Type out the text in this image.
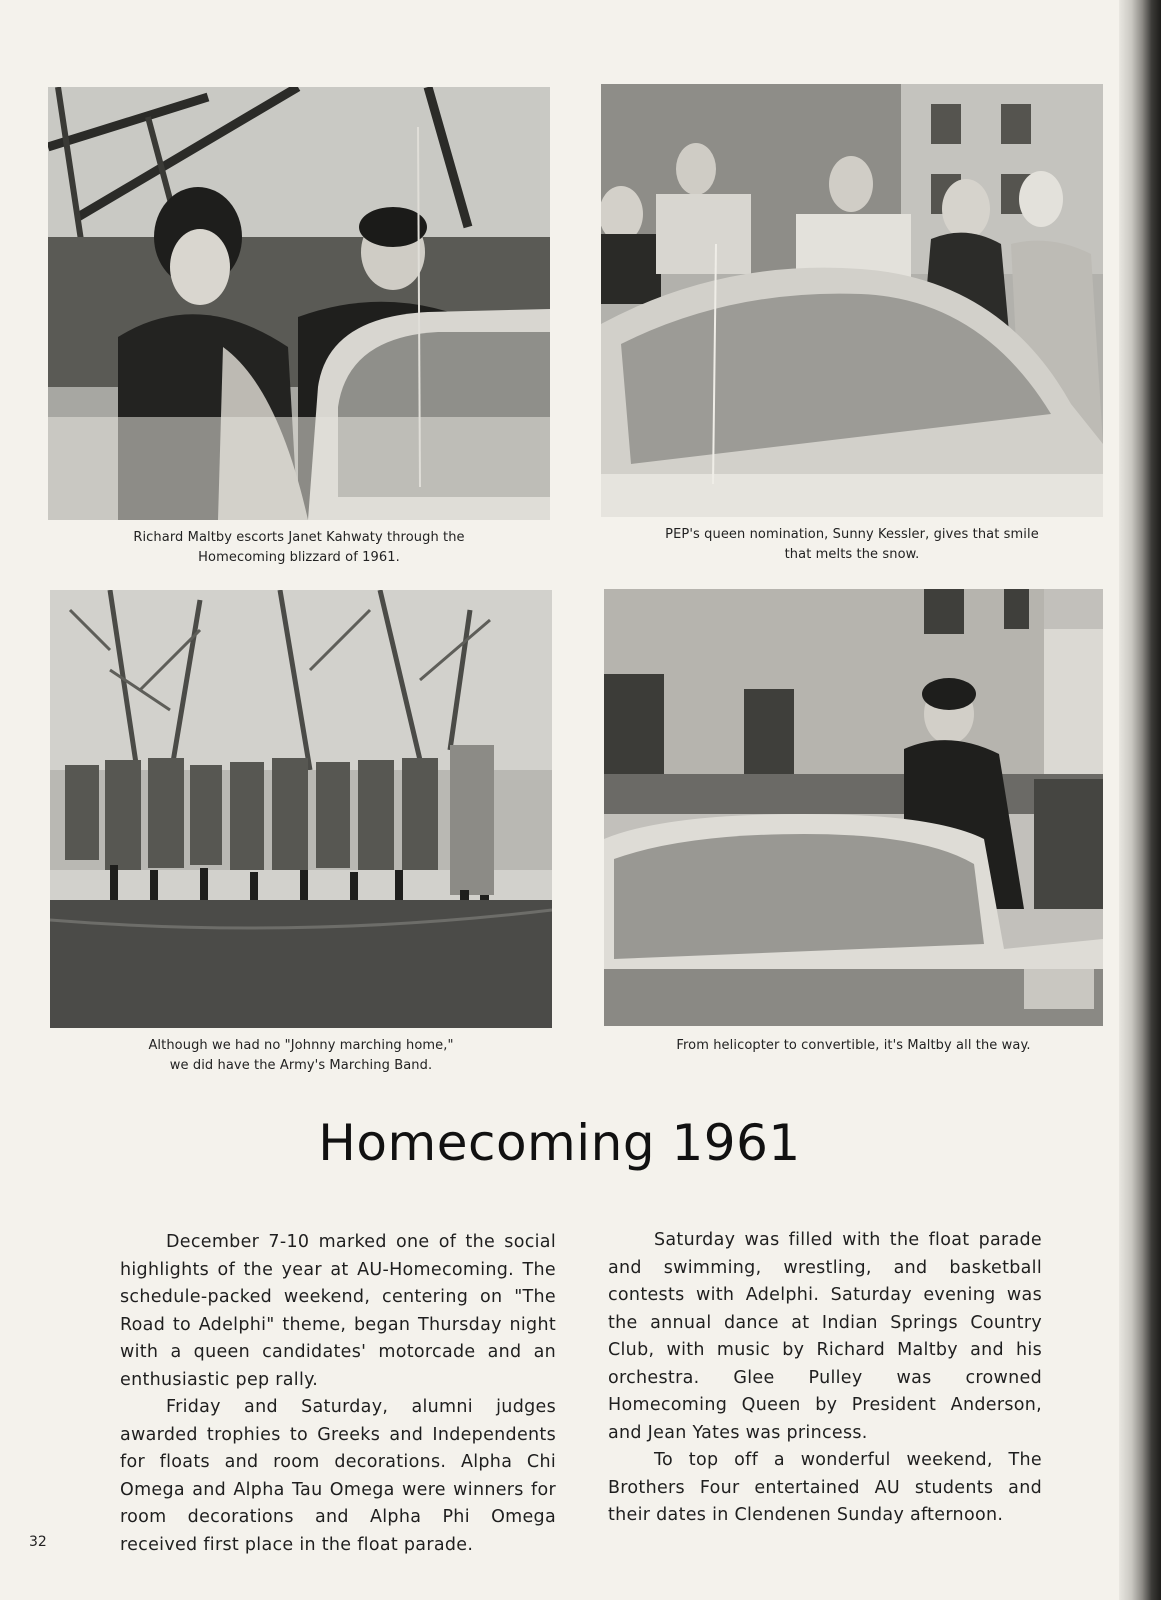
Richard Maltby escorts Janet Kahwaty through the
Homecoming blizzard of 1961.
PEP's queen nomination, Sunny Kessler, gives that smile
that melts the snow.
Although we had no "Johnny marching home,"
we did have the Army's Marching Band.
From helicopter to convertible, it's Maltby all the way.
Homecoming 1961

December 7-10 marked one of the social highlights of the year at AU-Homecoming. The schedule-packed weekend, centering on "The Road to Adelphi" theme, began Thursday night with a queen candidates' motorcade and an enthusiastic pep rally.

Friday and Saturday, alumni judges awarded trophies to Greeks and Independents for floats and room decorations. Alpha Chi Omega and Alpha Tau Omega were winners for room decorations and Alpha Phi Omega received first place in the float parade.

Saturday was filled with the float parade and swimming, wrestling, and basketball contests with Adelphi. Saturday evening was the annual dance at Indian Springs Country Club, with music by Richard Maltby and his orchestra. Glee Pulley was crowned Homecoming Queen by President Anderson, and Jean Yates was princess.

To top off a wonderful weekend, The Brothers Four entertained AU students and their dates in Clendenen Sunday afternoon.

32
